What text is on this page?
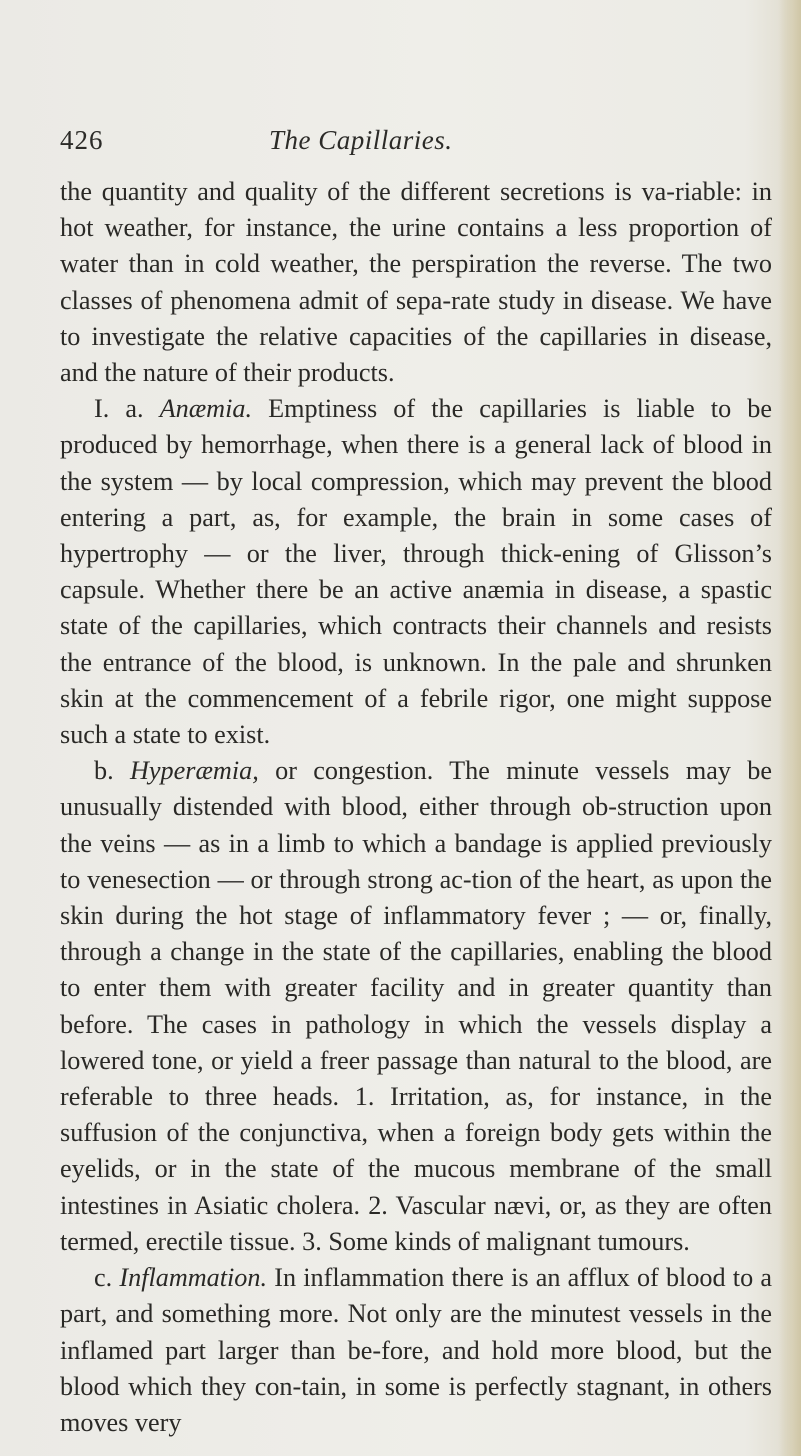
426	The Capillaries.

the quantity and quality of the different secretions is va-riable: in hot weather, for instance, the urine contains a less proportion of water than in cold weather, the perspiration the reverse. The two classes of phenomena admit of sepa-rate study in disease. We have to investigate the relative capacities of the capillaries in disease, and the nature of their products.

I. a. Anæmia. Emptiness of the capillaries is liable to be produced by hemorrhage, when there is a general lack of blood in the system — by local compression, which may prevent the blood entering a part, as, for example, the brain in some cases of hypertrophy — or the liver, through thick-ening of Glisson’s capsule. Whether there be an active anæmia in disease, a spastic state of the capillaries, which contracts their channels and resists the entrance of the blood, is unknown. In the pale and shrunken skin at the commencement of a febrile rigor, one might suppose such a state to exist.

b. Hyperæmia, or congestion. The minute vessels may be unusually distended with blood, either through ob-struction upon the veins — as in a limb to which a bandage is applied previously to venesection — or through strong ac-tion of the heart, as upon the skin during the hot stage of inflammatory fever ; — or, finally, through a change in the state of the capillaries, enabling the blood to enter them with greater facility and in greater quantity than before. The cases in pathology in which the vessels display a lowered tone, or yield a freer passage than natural to the blood, are referable to three heads. 1. Irritation, as, for instance, in the suffusion of the conjunctiva, when a foreign body gets within the eyelids, or in the state of the mucous membrane of the small intestines in Asiatic cholera. 2. Vascular nævi, or, as they are often termed, erectile tissue. 3. Some kinds of malignant tumours.

c. Inflammation. In inflammation there is an afflux of blood to a part, and something more. Not only are the minutest vessels in the inflamed part larger than be-fore, and hold more blood, but the blood which they con-tain, in some is perfectly stagnant, in others moves very
